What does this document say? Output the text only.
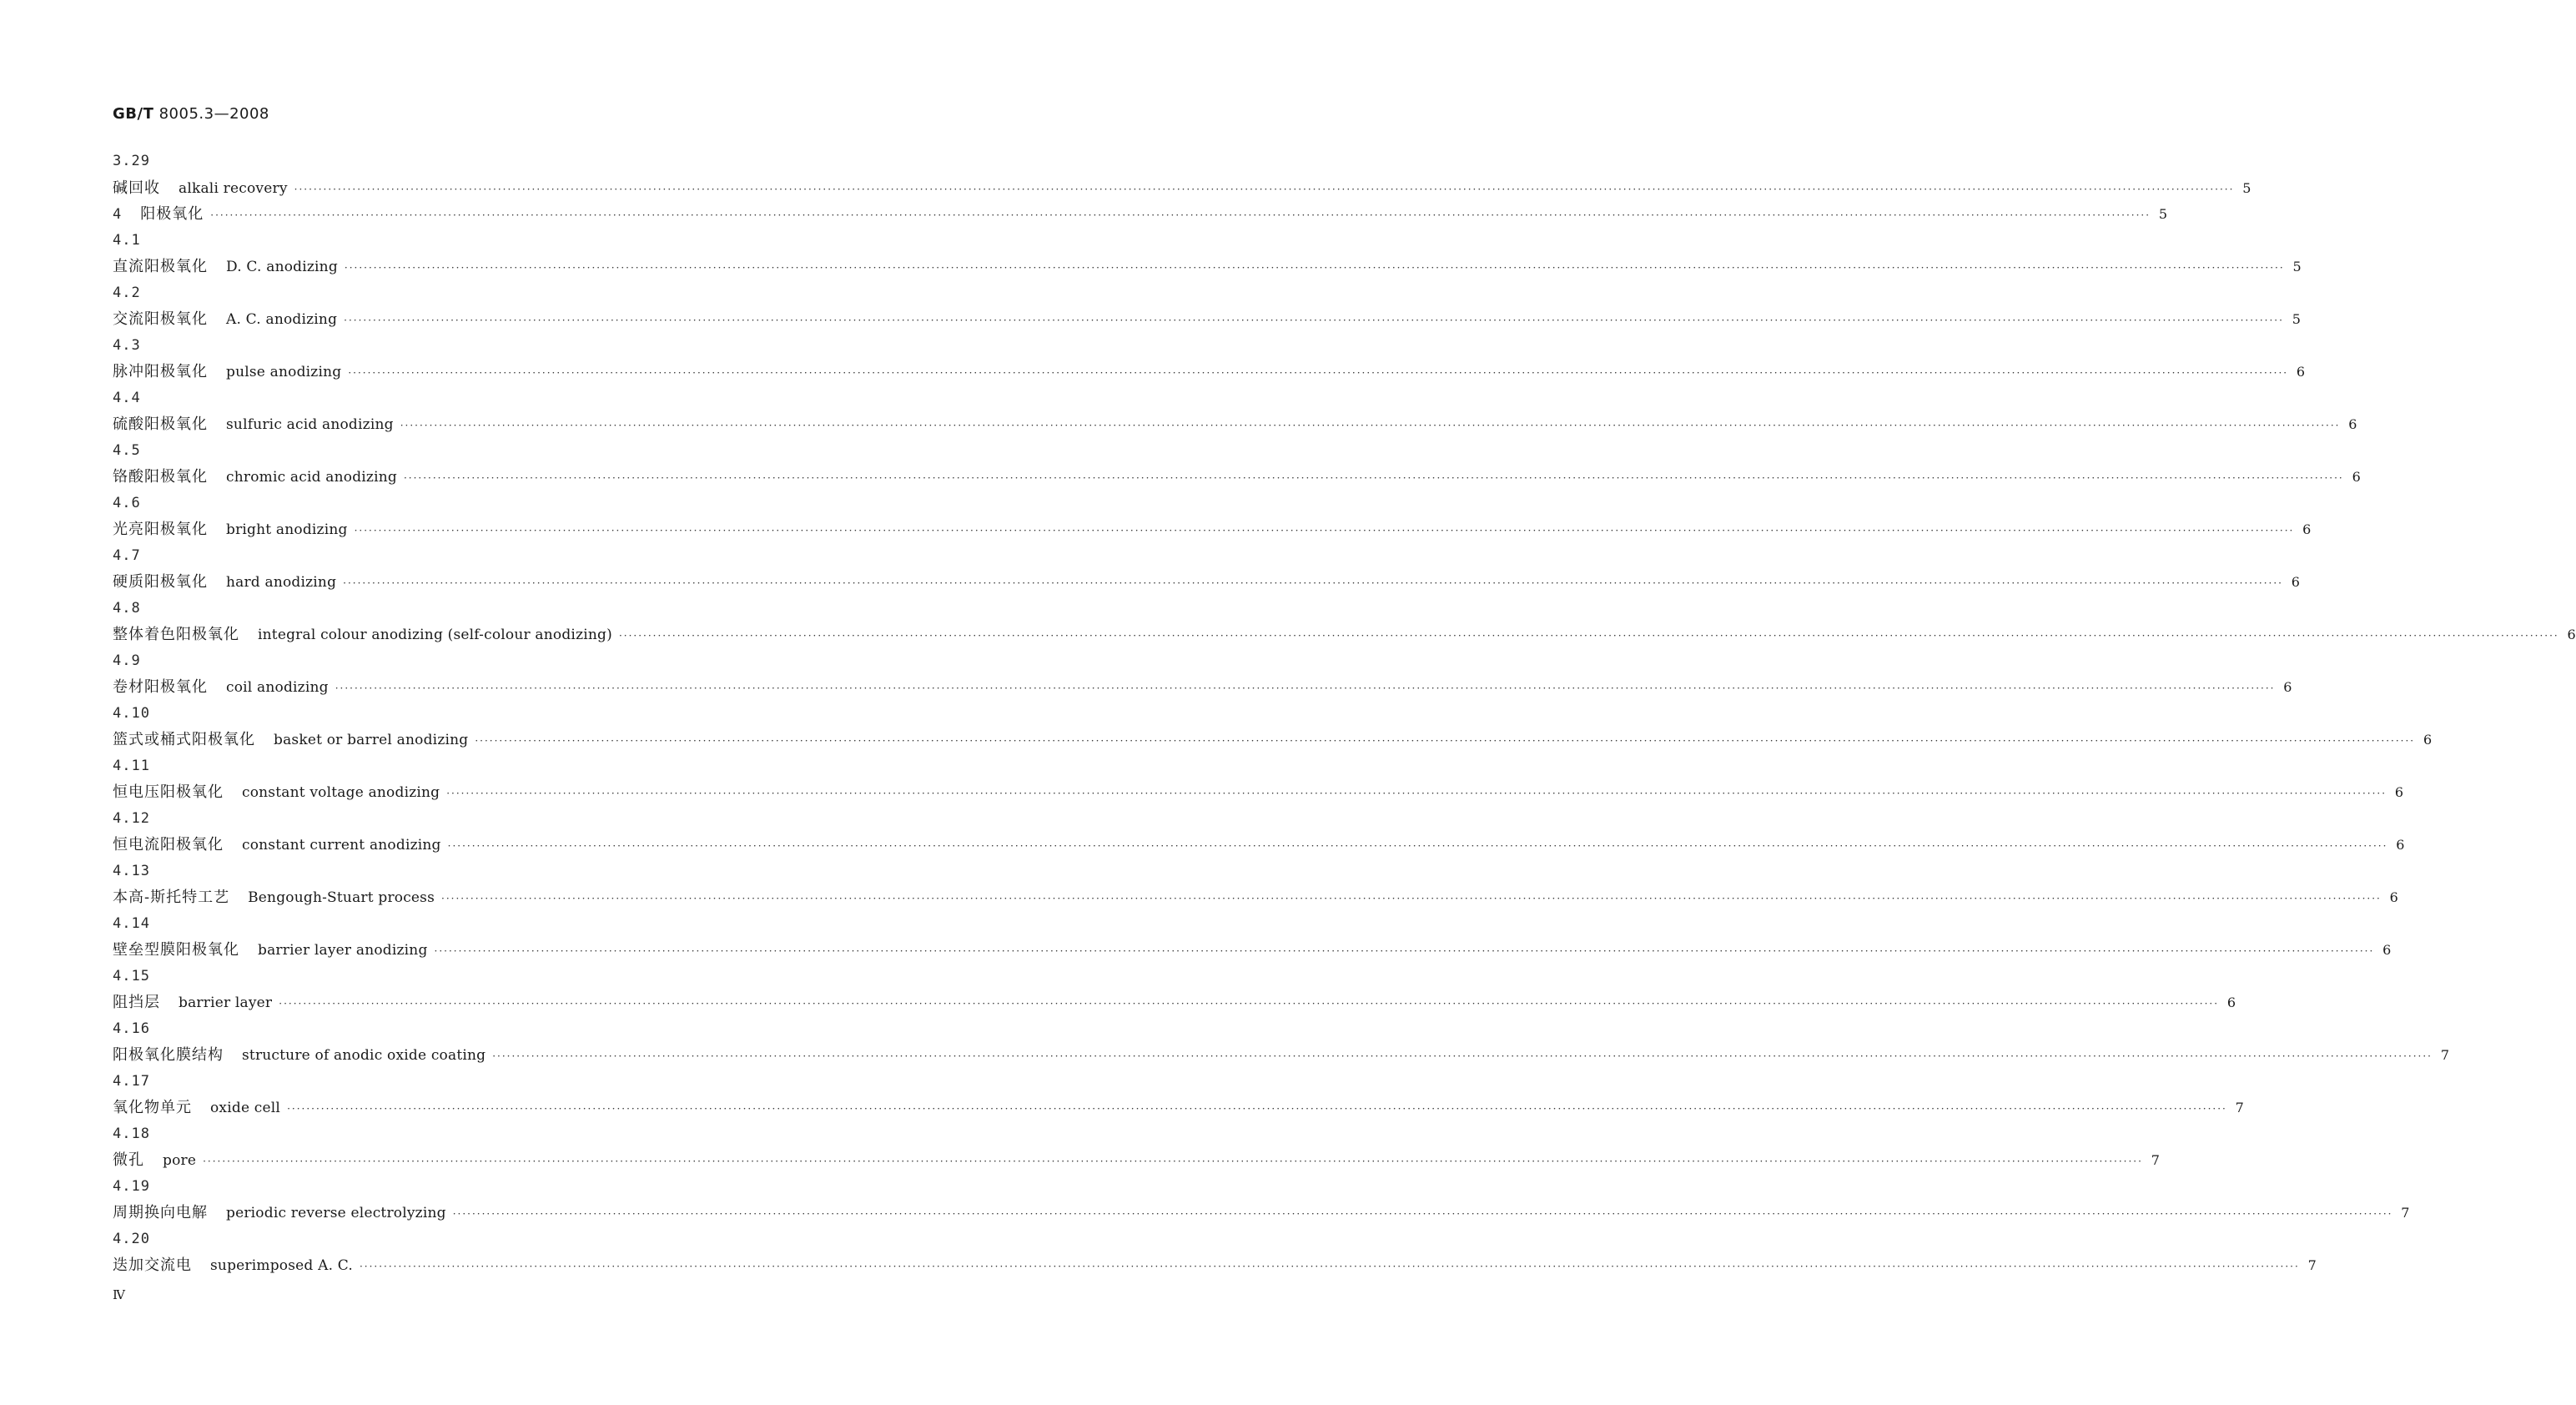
GB/T 8005.3—2008
3.29
碱回收 alkali recovery ················································································································································································································································································································································································································ 5
4 阳极氧化 ················································································································································································································································································································································································································ 5
4.1
直流阳极氧化 D. C. anodizing ················································································································································································································································································································································································································ 5
4.2
交流阳极氧化 A. C. anodizing ················································································································································································································································································································································································································ 5
4.3
脉冲阳极氧化 pulse anodizing ················································································································································································································································································································································································································ 6
4.4
硫酸阳极氧化 sulfuric acid anodizing ················································································································································································································································································································································································································ 6
4.5
铬酸阳极氧化 chromic acid anodizing ················································································································································································································································································································································································································ 6
4.6
光亮阳极氧化 bright anodizing ················································································································································································································································································································································································································ 6
4.7
硬质阳极氧化 hard anodizing ················································································································································································································································································································································································································ 6
4.8
整体着色阳极氧化 integral colour anodizing (self-colour anodizing) ················································································································································································································································································································································································································ 6
4.9
卷材阳极氧化 coil anodizing ················································································································································································································································································································································································································ 6
4.10
篮式或桶式阳极氧化 basket or barrel anodizing ················································································································································································································································································································································································································ 6
4.11
恒电压阳极氧化 constant voltage anodizing ················································································································································································································································································································································································································ 6
4.12
恒电流阳极氧化 constant current anodizing ················································································································································································································································································································································································································ 6
4.13
本高-斯托特工艺 Bengough-Stuart process ················································································································································································································································································································································································································ 6
4.14
壁垒型膜阳极氧化 barrier layer anodizing ················································································································································································································································································································································································································ 6
4.15
阻挡层 barrier layer ················································································································································································································································································································································································································ 6
4.16
阳极氧化膜结构 structure of anodic oxide coating ················································································································································································································································································································································································································ 7
4.17
氧化物单元 oxide cell ················································································································································································································································································································································································································ 7
4.18
微孔 pore ················································································································································································································································································································································································································ 7
4.19
周期换向电解 periodic reverse electrolyzing ················································································································································································································································································································································································································ 7
4.20
迭加交流电 superimposed A. C. ················································································································································································································································································································································································································ 7
Ⅳ
